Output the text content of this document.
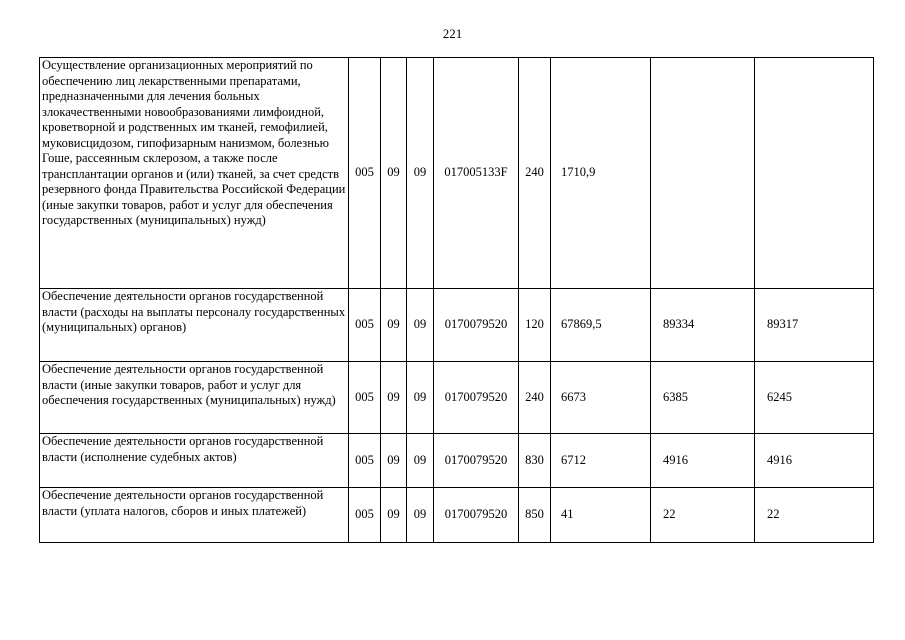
221
Осуществление организационных мероприятий по обеспечению лиц лекарственными препаратами, предназначенными для лечения больных злокачественными новообразованиями лимфоидной, кроветворной и родственных им тканей, гемофилией, муковисцидозом, гипофизарным нанизмом, болезнью Гоше, рассеянным склерозом, а также после трансплантации органов и (или) тканей, за счет средств резервного фонда Правительства Российской Федерации (иные закупки товаров, работ и услуг для обеспечения государственных (муниципальных) нужд)	005	09	09	017005133F	240	1710,9		
Обеспечение деятельности органов государственной власти (расходы на выплаты персоналу государственных (муниципальных) органов)	005	09	09	0170079520	120	67869,5	89334	89317
Обеспечение деятельности органов государственной власти (иные закупки товаров, работ и услуг для обеспечения государственных (муниципальных) нужд)	005	09	09	0170079520	240	6673	6385	6245
Обеспечение деятельности органов государственной власти (исполнение судебных актов)	005	09	09	0170079520	830	6712	4916	4916
Обеспечение деятельности органов государственной власти (уплата налогов, сборов и иных платежей)	005	09	09	0170079520	850	41	22	22
